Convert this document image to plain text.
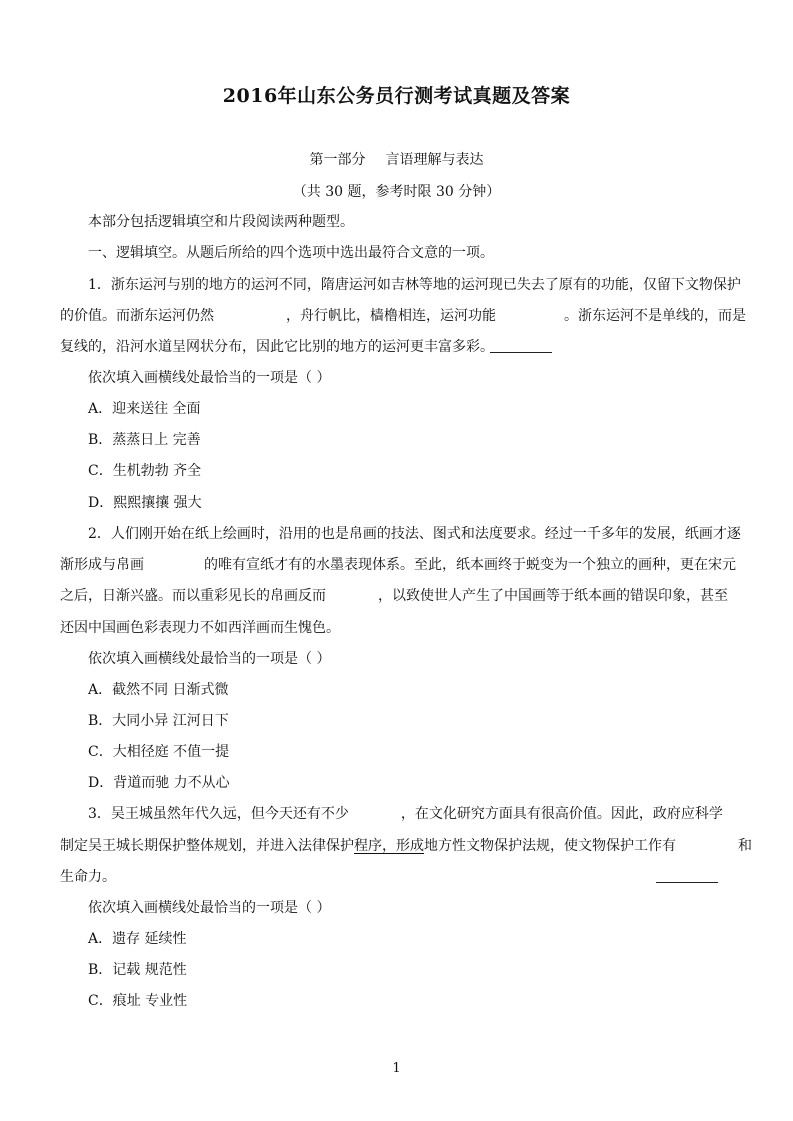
2016年山东公务员行测考试真题及答案
第一部分 言语理解与表达
（共 30 题，参考时限 30 分钟）
本部分包括逻辑填空和片段阅读两种题型。
一、逻辑填空。从题后所给的四个选项中选出最符合文意的一项。
1．浙东运河与别的地方的运河不同，隋唐运河如吉林等地的运河现已失去了原有的功能，仅留下文物保护
的价值。而浙东运河仍然	，舟行帆比，樯橹相连，运河功能	。浙东运河不是单线的，而是
复线的，沿河水道呈网状分布，因此它比别的地方的运河更丰富多彩。
依次填入画横线处最恰当的一项是（ ）
A．迎来送往 全面
B．蒸蒸日上 完善
C．生机勃勃 齐全
D．熙熙攘攘 强大
2．人们刚开始在纸上绘画时，沿用的也是帛画的技法、图式和法度要求。经过一千多年的发展，纸画才逐
渐形成与帛画	的唯有宣纸才有的水墨表现体系。至此，纸本画终于蜕变为一个独立的画种，更在宋元
之后，日渐兴盛。而以重彩见长的帛画反而	，以致使世人产生了中国画等于纸本画的错误印象，甚至
还因中国画色彩表现力不如西洋画而生愧色。
依次填入画横线处最恰当的一项是（ ）
A．截然不同 日渐式微
B．大同小异 江河日下
C．大相径庭 不值一提
D．背道而驰 力不从心
3．吴王城虽然年代久远，但今天还有不少	，在文化研究方面具有很高价值。因此，政府应科学
制定吴王城长期保护整体规划，并进入法律保护程序，形成地方性文物保护法规，使文物保护工作有	和
生命力。
依次填入画横线处最恰当的一项是（ ）
A．遗存 延续性
B．记载 规范性
C．痕址 专业性
1
